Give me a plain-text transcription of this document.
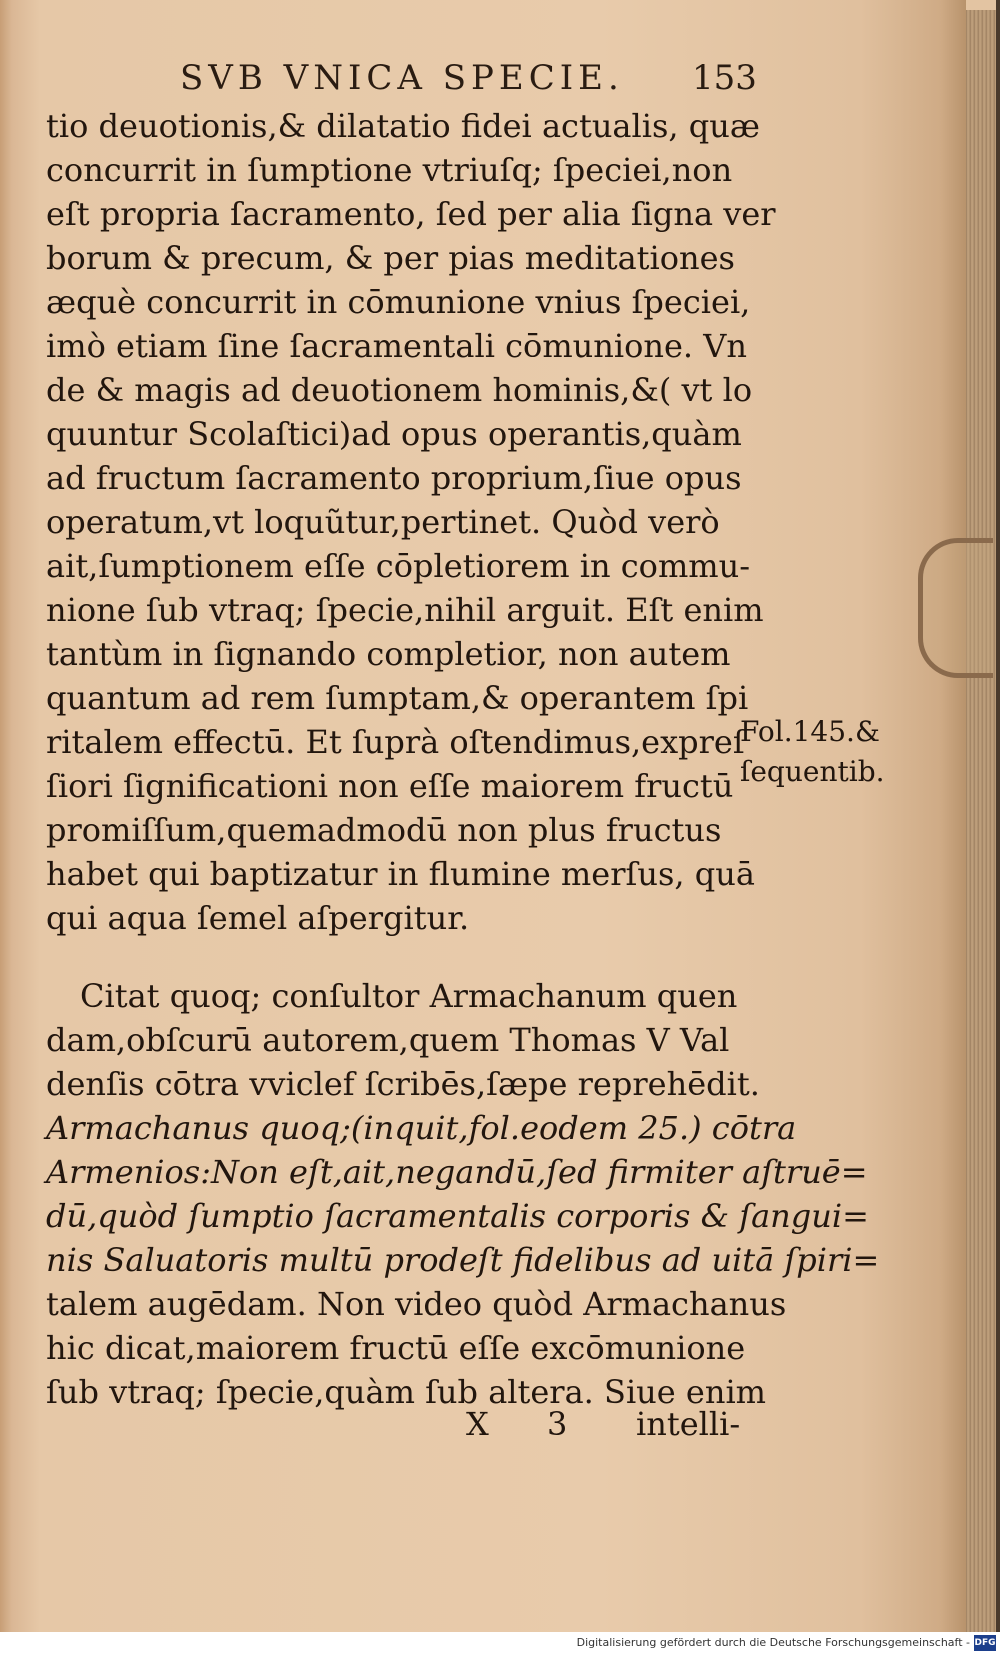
SVB VNICA SPECIE. 153
tio deuotionis,& dilatatio fidei actualis, quæ
concurrit in ſumptione vtriuſq; ſpeciei,non
eſt propria ſacramento, ſed per alia ſigna ver
borum & precum, & per pias meditationes
æquè concurrit in cōmunione vnius ſpeciei,
imò etiam ſine ſacramentali cōmunione. Vn
de & magis ad deuotionem hominis,&( vt lo
quuntur Scolaſtici)ad opus operantis,quàm
ad fructum ſacramento proprium,ſiue opus
operatum,vt loquũtur,pertinet. Quòd verò
ait,ſumptionem eſſe cōpletiorem in commu-
nione ſub vtraq; ſpecie,nihil arguit. Eſt enim
tantùm in ſignando completior, non autem
quantum ad rem ſumptam,& operantem ſpi
ritalem effectū. Et ſuprà oſtendimus,expreſ
ſiori ſignificationi non eſſe maiorem fructū
promiſſum,quemadmodū non plus fructus
habet qui baptizatur in flumine merſus, quā
qui aqua ſemel aſpergitur.
Citat quoq; conſultor Armachanum quen
dam,obſcurū autorem,quem Thomas V Val
denſis cōtra vviclef ſcribēs,ſæpe reprehēdit.
Armachanus quoq;(inquit,fol.eodem 25.) cōtra
Armenios:Non eſt,ait,negandū,ſed firmiter aſtruē=
dū,quòd ſumptio ſacramentalis corporis & ſangui=
nis Saluatoris multū prodeſt fidelibus ad uitā ſpiri=
talem augēdam. Non video quòd Armachanus
hic dicat,maiorem fructū eſſe excōmunione
ſub vtraq; ſpecie,quàm ſub altera. Siue enim
Fol.145.&
ſequentib.
X 3 intelli-
Digitalisierung gefördert durch die Deutsche Forschungsgemeinschaft - DFG
